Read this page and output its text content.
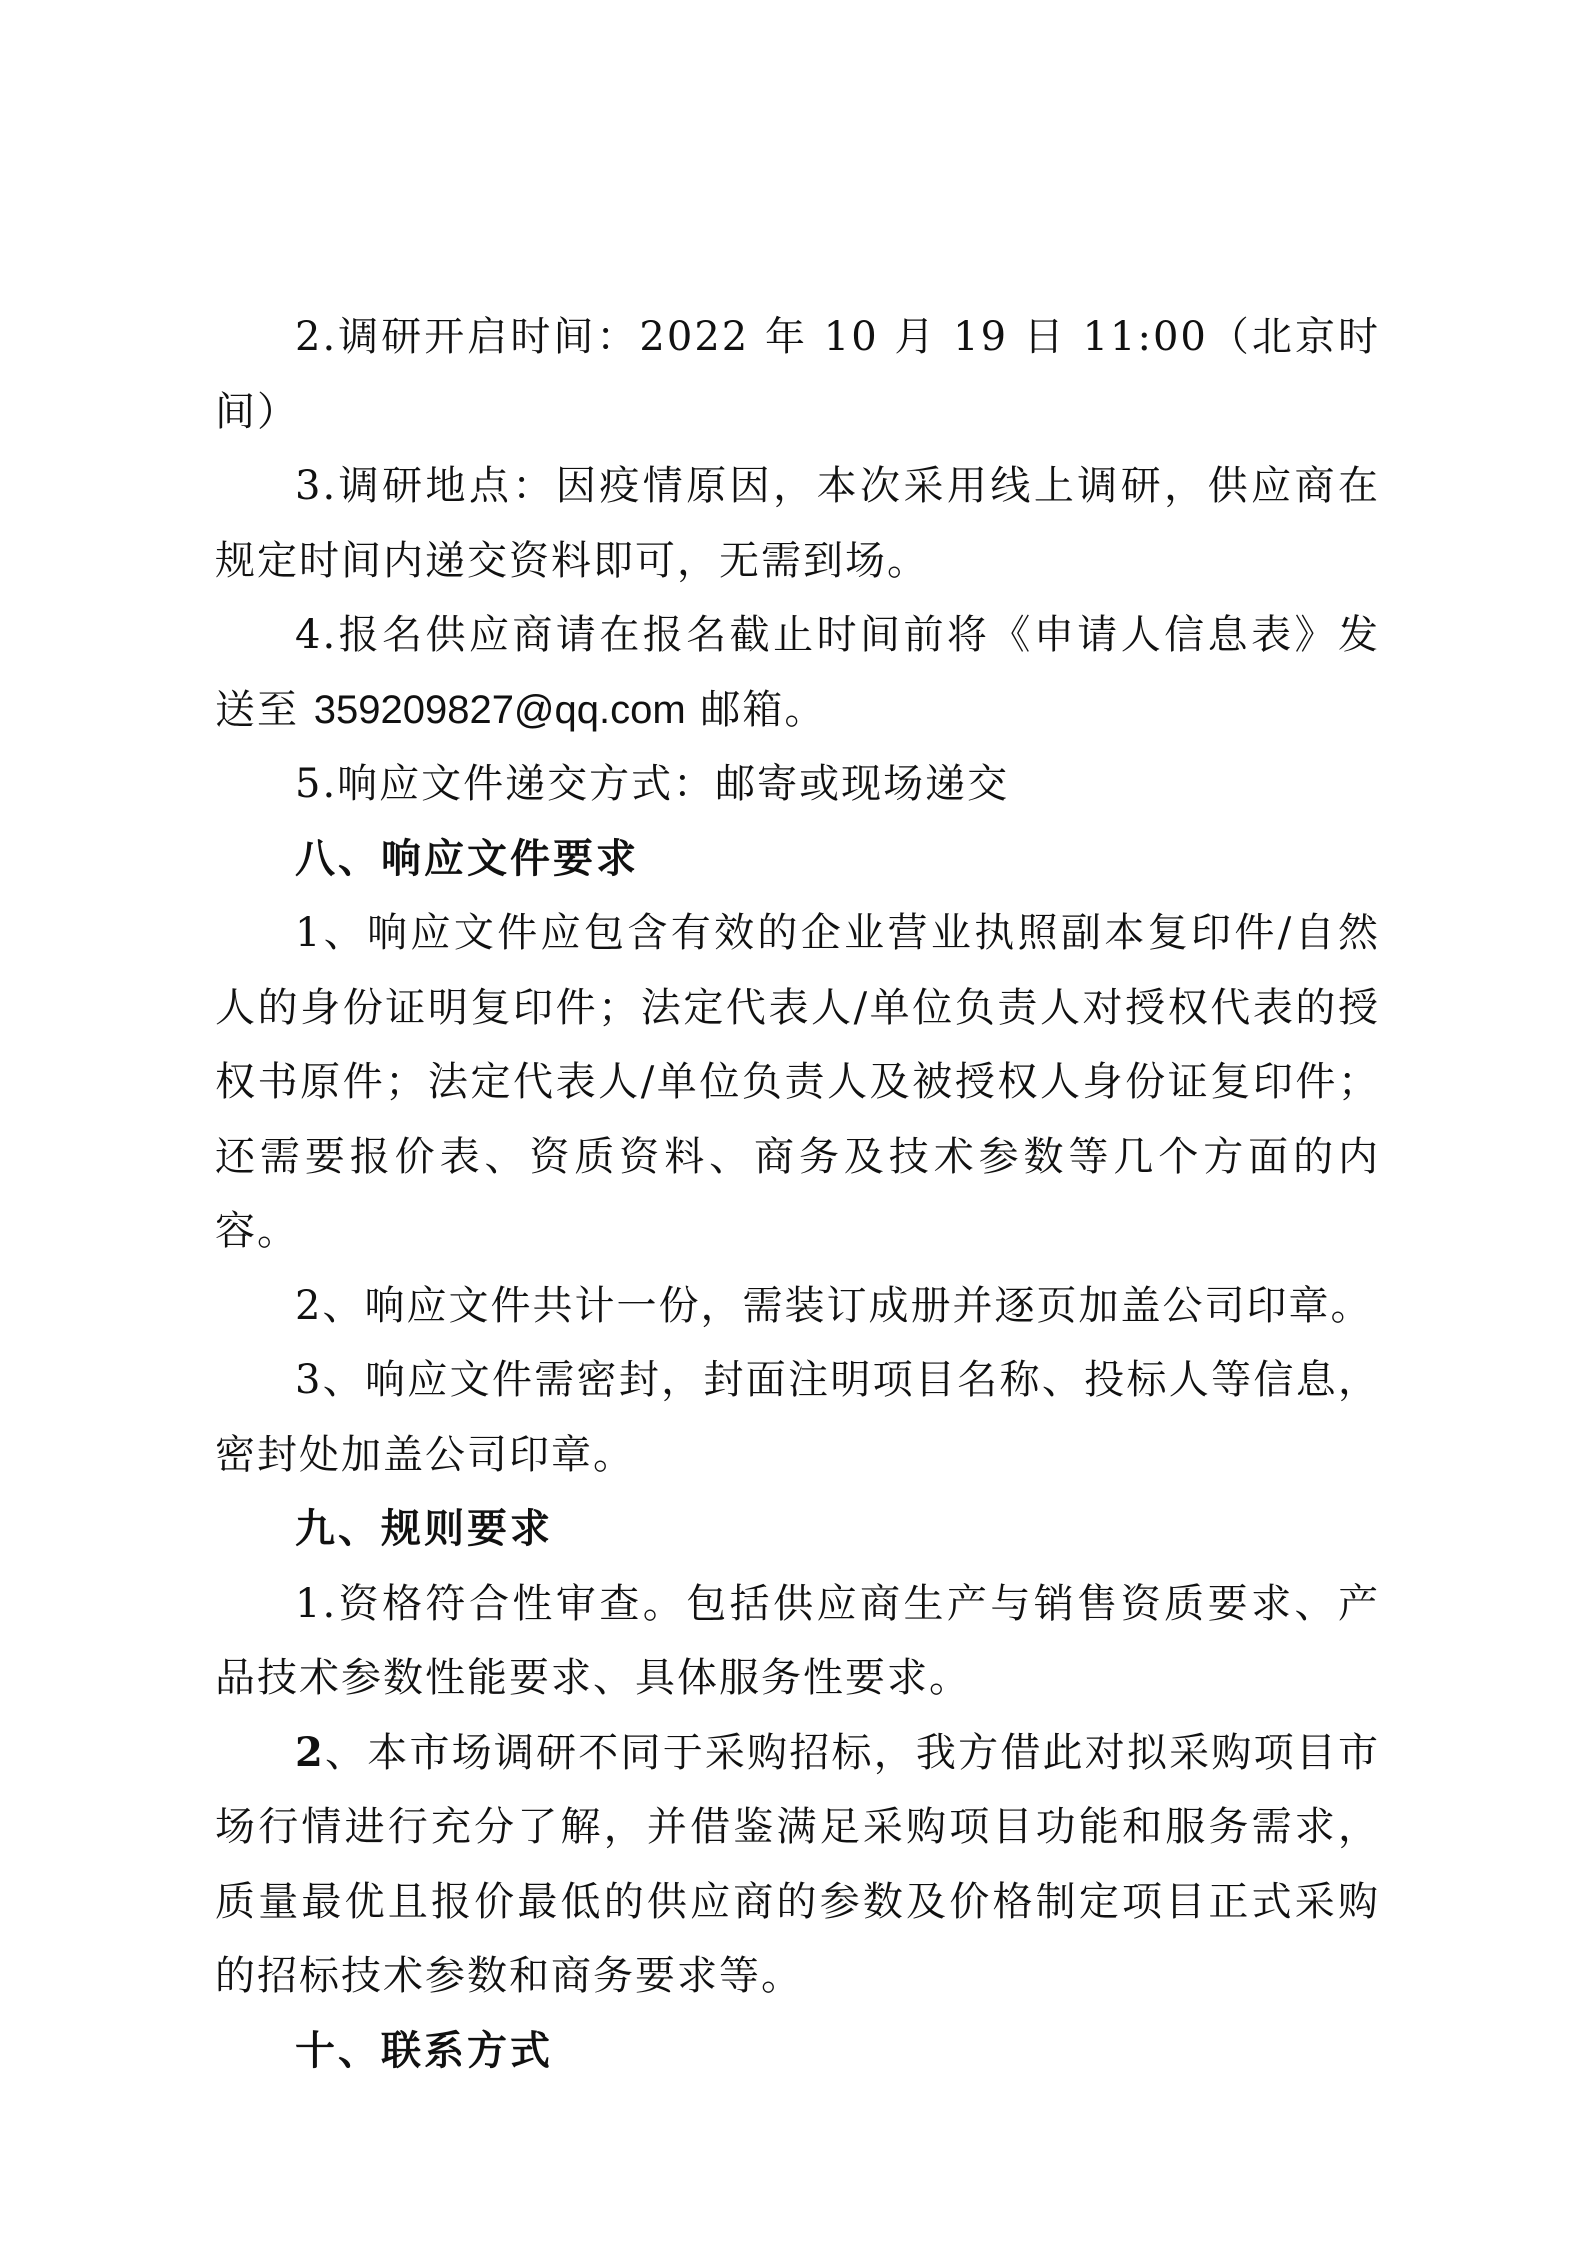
2.调研开启时间：2022 年 10 月 19 日 11:00（北京时间）

3.调研地点：因疫情原因，本次采用线上调研，供应商在规定时间内递交资料即可，无需到场。

4.报名供应商请在报名截止时间前将《申请人信息表》发送至 359209827@qq.com 邮箱。

5.响应文件递交方式：邮寄或现场递交

八、响应文件要求

1、响应文件应包含有效的企业营业执照副本复印件/自然人的身份证明复印件；法定代表人/单位负责人对授权代表的授权书原件；法定代表人/单位负责人及被授权人身份证复印件；还需要报价表、资质资料、商务及技术参数等几个方面的内容。

2、响应文件共计一份，需装订成册并逐页加盖公司印章。

3、响应文件需密封，封面注明项目名称、投标人等信息，密封处加盖公司印章。

九、规则要求

1.资格符合性审查。包括供应商生产与销售资质要求、产品技术参数性能要求、具体服务性要求。

2、本市场调研不同于采购招标，我方借此对拟采购项目市场行情进行充分了解，并借鉴满足采购项目功能和服务需求，质量最优且报价最低的供应商的参数及价格制定项目正式采购的招标技术参数和商务要求等。

十、联系方式
